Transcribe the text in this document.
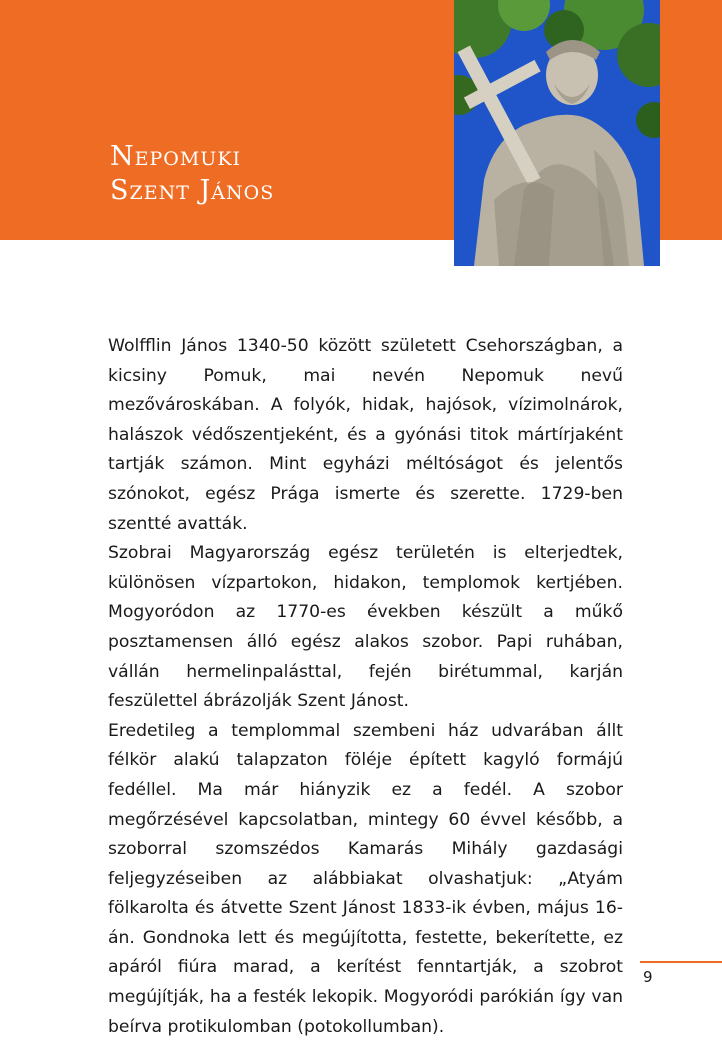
Nepomuki
Szent János

Wolfflin János 1340-50 között született Csehországban, a kicsiny Pomuk, mai nevén Nepomuk nevű mezővároskában. A folyók, hidak, hajósok, vízimolnárok, halászok védőszentjeként, és a gyónási titok mártírjaként tartják számon. Mint egyházi méltóságot és jelentős szónokot, egész Prága ismerte és szerette. 1729-ben szentté avatták.

Szobrai Magyarország egész területén is elterjedtek, különösen vízpartokon, hidakon, templomok kertjében. Mogyoródon az 1770-es években készült a műkő posztamensen álló egész alakos szobor. Papi ruhában, vállán hermelinpalásttal, fején birétummal, karján feszülettel ábrázolják Szent Jánost.

Eredetileg a templommal szembeni ház udvarában állt félkör alakú talapzaton föléje épített kagyló formájú fedéllel. Ma már hiányzik ez a fedél. A szobor megőrzésével kapcsolatban, mintegy 60 évvel később, a szoborral szomszédos Kamarás Mihály gazdasági feljegyzéseiben az alábbiakat olvashatjuk: „Atyám fölkarolta és átvette Szent Jánost 1833-ik évben, május 16-án. Gondnoka lett és megújította, festette, bekerítette, ez apáról fiúra marad, a kerítést fenntartják, a szobrot megújítják, ha a festék lekopik. Mogyoródi parókián így van beírva protikulomban (potokollumban).

9
